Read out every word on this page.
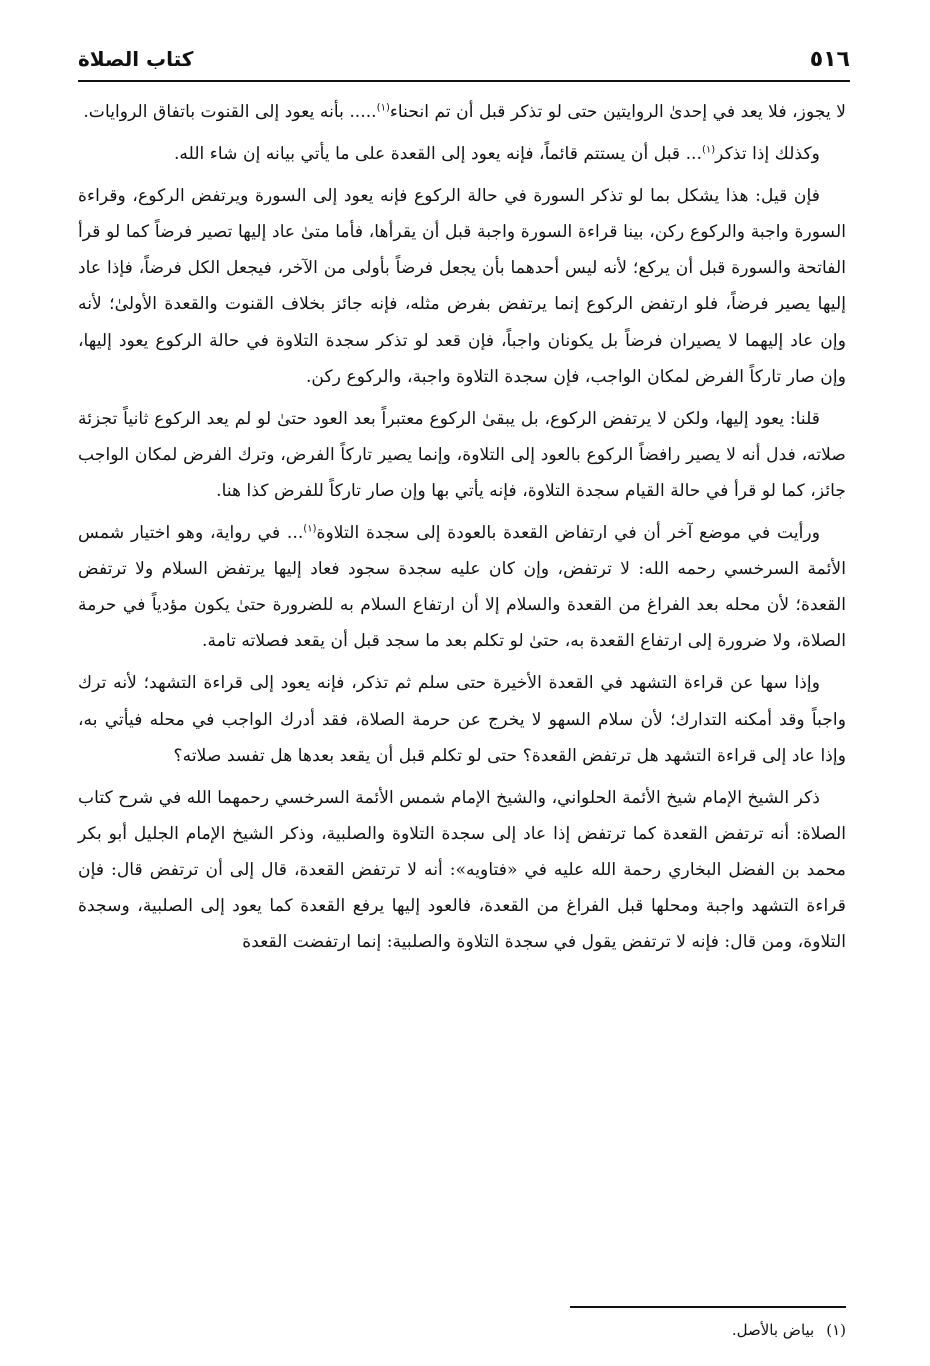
٥١٦
كتاب الصلاة

لا يجوز، فلا يعد في إحدىٰ الروايتين حتى لو تذكر قبل أن تم انحناء$^{(١)}$..... بأنه يعود إلى القنوت باتفاق الروايات.

وكذلك إذا تذكر$^{(١)}$... قبل أن يستتم قائماً، فإنه يعود إلى القعدة على ما يأتي بيانه إن شاء الله.

فإن قيل: هذا يشكل بما لو تذكر السورة في حالة الركوع فإنه يعود إلى السورة ويرتفض الركوع، وقراءة السورة واجبة والركوع ركن، بينا قراءة السورة واجبة قبل أن يقرأها، فأما متىٰ عاد إليها تصير فرضاً كما لو قرأ الفاتحة والسورة قبل أن يركع؛ لأنه ليس أحدهما بأن يجعل فرضاً بأولى من الآخر، فيجعل الكل فرضاً، فإذا عاد إليها يصير فرضاً، فلو ارتفض الركوع إنما يرتفض بفرض مثله، فإنه جائز بخلاف القنوت والقعدة الأولىٰ؛ لأنه وإن عاد إليهما لا يصيران فرضاً بل يكونان واجباً، فإن قعد لو تذكر سجدة التلاوة في حالة الركوع يعود إليها، وإن صار تاركاً الفرض لمكان الواجب، فإن سجدة التلاوة واجبة، والركوع ركن.

قلنا: يعود إليها، ولكن لا يرتفض الركوع، بل يبقىٰ الركوع معتبراً بعد العود حتىٰ لو لم يعد الركوع ثانياً تجزئة صلاته، فدل أنه لا يصير رافضاً الركوع بالعود إلى التلاوة، وإنما يصير تاركاً الفرض، وترك الفرض لمكان الواجب جائز، كما لو قرأ في حالة القيام سجدة التلاوة، فإنه يأتي بها وإن صار تاركاً للفرض كذا هنا.

ورأيت في موضع آخر أن في ارتفاض القعدة بالعودة إلى سجدة التلاوة$^{(١)}$... في رواية، وهو اختيار شمس الأئمة السرخسي رحمه الله: لا ترتفض، وإن كان عليه سجدة سجود فعاد إليها يرتفض السلام ولا ترتفض القعدة؛ لأن محله بعد الفراغ من القعدة والسلام إلا أن ارتفاع السلام به للضرورة حتىٰ يكون مؤدياً في حرمة الصلاة، ولا ضرورة إلى ارتفاع القعدة به، حتىٰ لو تكلم بعد ما سجد قبل أن يقعد فصلاته تامة.

وإذا سها عن قراءة التشهد في القعدة الأخيرة حتى سلم ثم تذكر، فإنه يعود إلى قراءة التشهد؛ لأنه ترك واجباً وقد أمكنه التدارك؛ لأن سلام السهو لا يخرج عن حرمة الصلاة، فقد أدرك الواجب في محله فيأتي به، وإذا عاد إلى قراءة التشهد هل ترتفض القعدة؟ حتى لو تكلم قبل أن يقعد بعدها هل تفسد صلاته؟

ذكر الشيخ الإمام شيخ الأئمة الحلواني، والشيخ الإمام شمس الأئمة السرخسي رحمهما الله في شرح كتاب الصلاة: أنه ترتفض القعدة كما ترتفض إذا عاد إلى سجدة التلاوة والصلبية، وذكر الشيخ الإمام الجليل أبو بكر محمد بن الفضل البخاري رحمة الله عليه في «فتاويه»: أنه لا ترتفض القعدة، قال إلى أن ترتفض قال: فإن قراءة التشهد واجبة ومحلها قبل الفراغ من القعدة، فالعود إليها يرفع القعدة كما يعود إلى الصلبية، وسجدة التلاوة، ومن قال: فإنه لا ترتفض يقول في سجدة التلاوة والصلبية: إنما ارتفضت القعدة

(١)بياض بالأصل.
